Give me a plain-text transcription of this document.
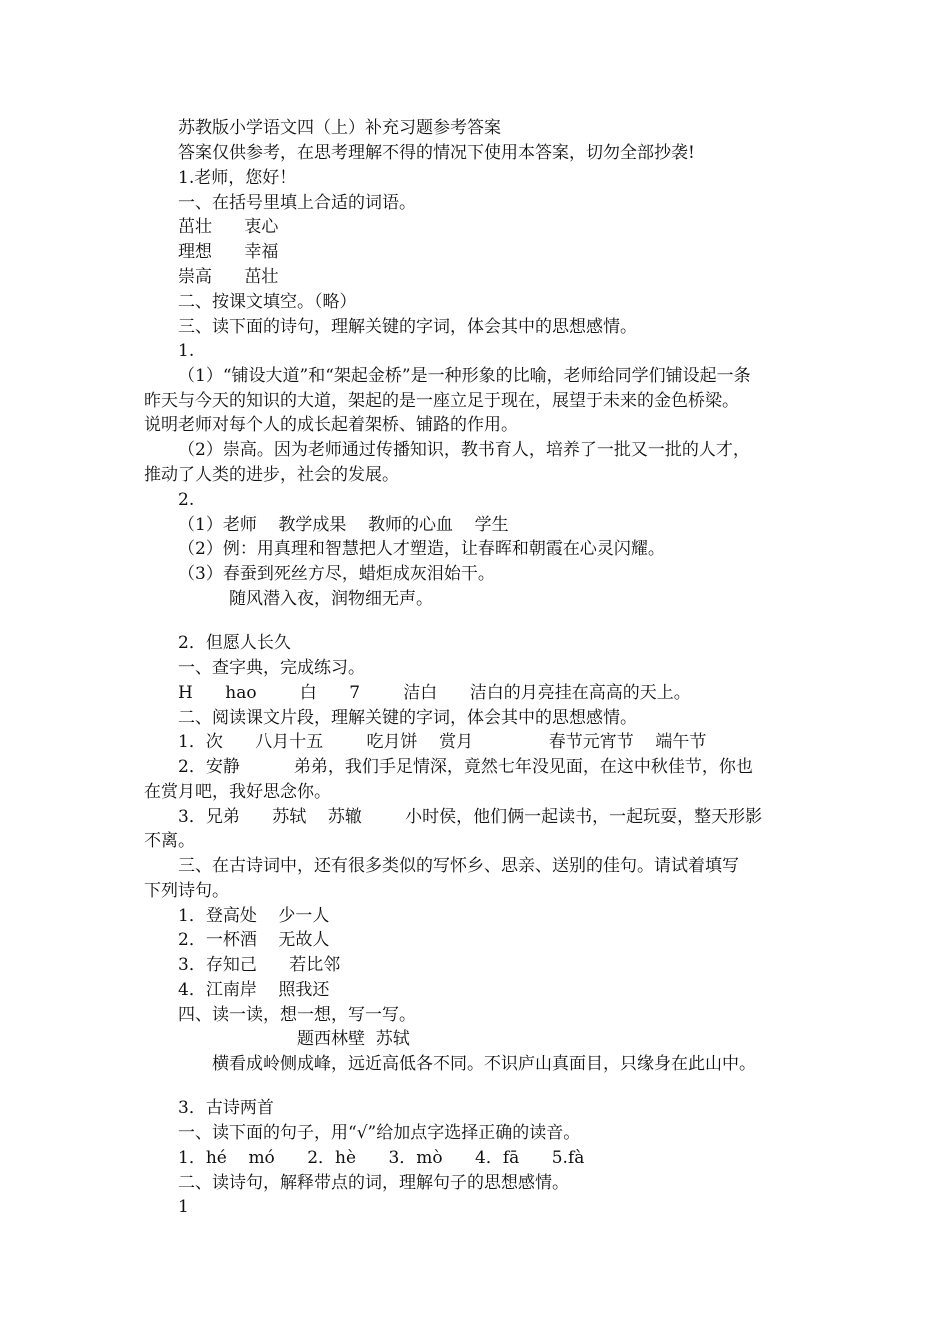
苏教版小学语文四（上）补充习题参考答案
答案仅供参考，在思考理解不得的情况下使用本答案，切勿全部抄袭!
1.老师，您好！
一、在括号里填上合适的词语。
茁壮      衷心
理想      幸福
崇高      茁壮
二、按课文填空。（略）
三、读下面的诗句，理解关键的字词，体会其中的思想感情。
1.
（1）“铺设大道”和“架起金桥”是一种形象的比喻，老师给同学们铺设起一条
昨天与今天的知识的大道，架起的是一座立足于现在，展望于未来的金色桥梁。
说明老师对每个人的成长起着架桥、铺路的作用。
（2）崇高。因为老师通过传播知识，教书育人，培养了一批又一批的人才，
推动了人类的进步，社会的发展。
2.
（1）老师    教学成果    教师的心血    学生
（2）例：用真理和智慧把人才塑造，让春晖和朝霞在心灵闪耀。
（3）春蚕到死丝方尽，蜡炬成灰泪始干。
随风潜入夜，润物细无声。
2．但愿人长久
一、查字典，完成练习。
H      hao        白      7        洁白      洁白的月亮挂在高高的天上。
二、阅读课文片段，理解关键的字词，体会其中的思想感情。
1．次      八月十五        吃月饼    赏月              春节元宵节    端午节
2．安静          弟弟，我们手足情深，竟然七年没见面，在这中秋佳节，你也
在赏月吧，我好思念你。
3．兄弟      苏轼    苏辙        小时侯，他们俩一起读书，一起玩耍，整天形影
不离。
三、在古诗词中，还有很多类似的写怀乡、思亲、送别的佳句。请试着填写
下列诗句。
1．登高处    少一人
2．一杯酒    无故人
3．存知己      若比邻
4．江南岸    照我还
四、读一读，想一想，写一写。
题西林壁  苏轼
横看成岭侧成峰，远近高低各不同。不识庐山真面目，只缘身在此山中。
3．古诗两首
一、读下面的句子，用“√”给加点字选择正确的读音。
1．hé    mó      2．hè      3．mò      4．fā      5.fà
二、读诗句，解释带点的词，理解句子的思想感情。
1
